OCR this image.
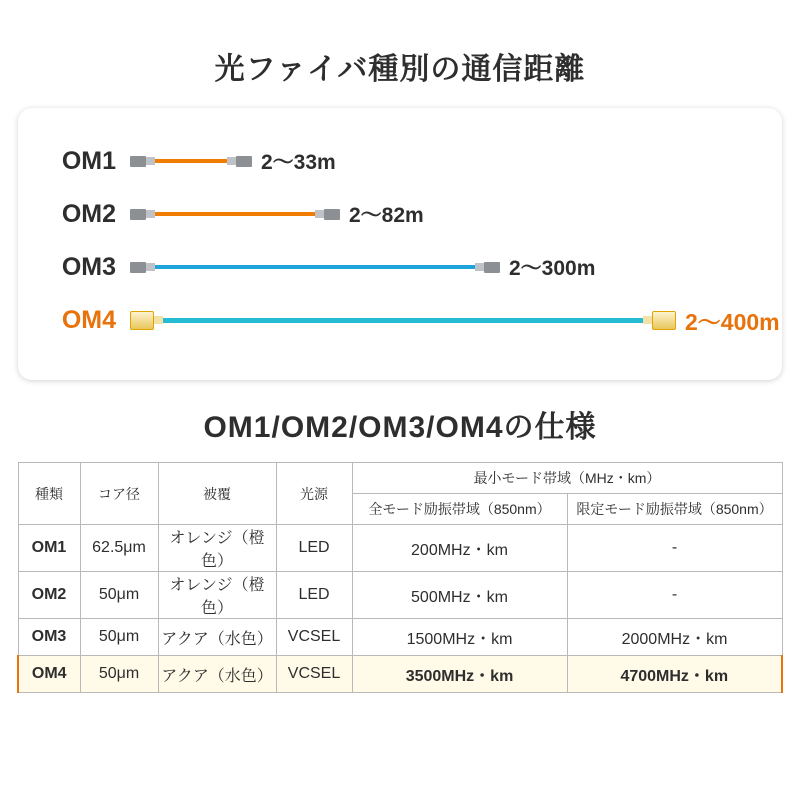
光ファイバ種別の通信距離
OM1	2〜33m
OM2	2〜82m
OM3	2〜300m
OM4	2〜400m
OM1/OM2/OM3/OM4の仕様
種類	コア径	被覆	光源	最小モード帯域（MHz・km）	
				全モード励振帯域（850nm）	限定モード励振帯域（850nm）
OM1	62.5μm	オレンジ（橙色）	LED	200MHz・km	-
OM2	50μm	オレンジ（橙色）	LED	500MHz・km	-
OM3	50μm	アクア（水色）	VCSEL	1500MHz・km	2000MHz・km
OM4	50μm	アクア（水色）	VCSEL	3500MHz・km	4700MHz・km
